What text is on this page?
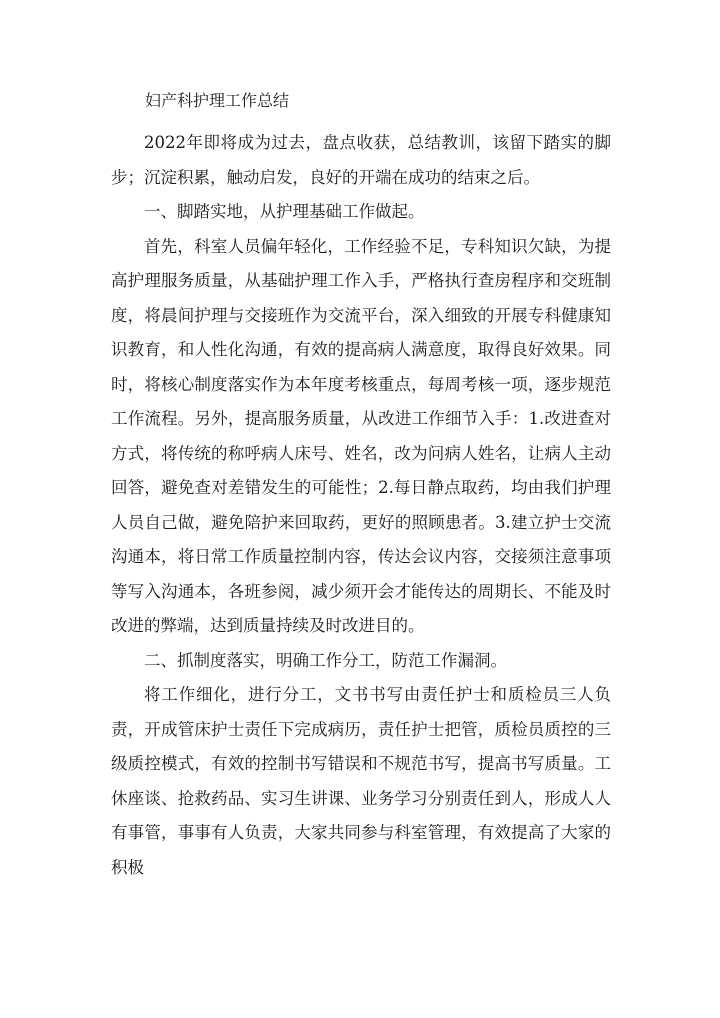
妇产科护理工作总结

2022年即将成为过去，盘点收获，总结教训，该留下踏实的脚步；沉淀积累，触动启发，良好的开端在成功的结束之后。

一、脚踏实地，从护理基础工作做起。

首先，科室人员偏年轻化，工作经验不足，专科知识欠缺，为提高护理服务质量，从基础护理工作入手，严格执行查房程序和交班制度，将晨间护理与交接班作为交流平台，深入细致的开展专科健康知识教育，和人性化沟通，有效的提高病人满意度，取得良好效果。同时，将核心制度落实作为本年度考核重点，每周考核一项，逐步规范工作流程。另外，提高服务质量，从改进工作细节入手：1.改进查对方式，将传统的称呼病人床号、姓名，改为问病人姓名，让病人主动回答，避免查对差错发生的可能性；2.每日静点取药，均由我们护理人员自己做，避免陪护来回取药，更好的照顾患者。3.建立护士交流沟通本，将日常工作质量控制内容，传达会议内容，交接须注意事项等写入沟通本，各班参阅，减少须开会才能传达的周期长、不能及时改进的弊端，达到质量持续及时改进目的。

二、抓制度落实，明确工作分工，防范工作漏洞。

将工作细化，进行分工，文书书写由责任护士和质检员三人负责，开成管床护士责任下完成病历，责任护士把管，质检员质控的三级质控模式，有效的控制书写错误和不规范书写，提高书写质量。工休座谈、抢救药品、实习生讲课、业务学习分别责任到人，形成人人有事管，事事有人负责，大家共同参与科室管理，有效提高了大家的积极
